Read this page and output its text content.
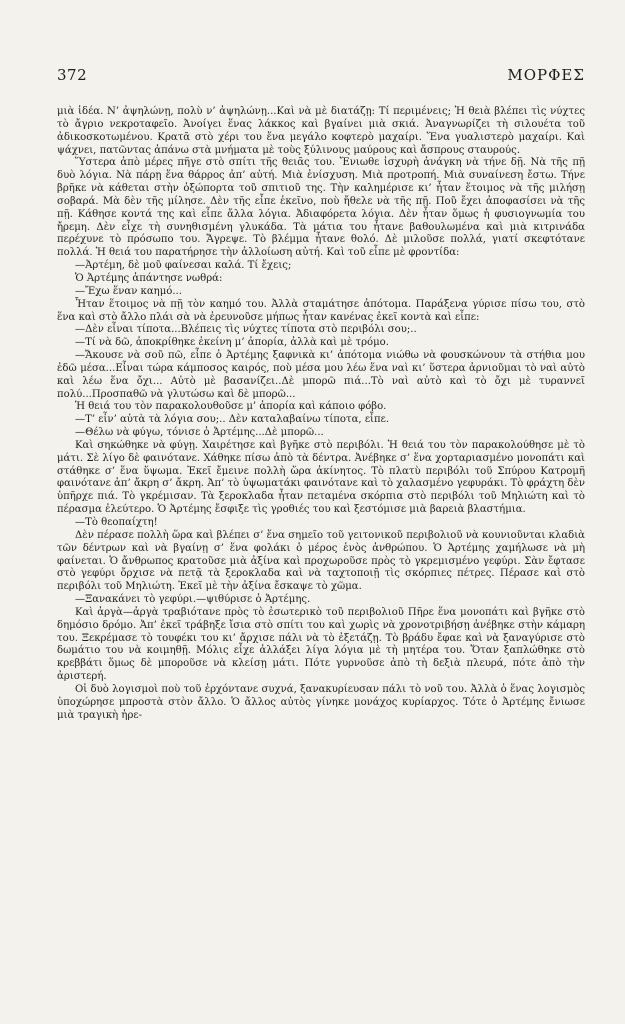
372	ΜΟΡΦΕΣ

μιὰ ἰδέα. Ν’ ἀψηλώνῃ, πολὺ ν’ ἀψηλώνῃ...Καὶ νὰ μὲ διατάζῃ: Τί περιμένεις; Ἡ θειὰ βλέπει τὶς νύχτες τὸ ἄγριο νεκροταφεῖο. Ἀνοίγει ἕνας λάκκος καὶ βγαίνει μιὰ σκιά. Ἀναγνωρίζει τὴ σιλουέτα τοῦ ἀδικοσκοτωμένου. Κρατᾶ στὸ χέρι του ἕνα μεγάλο κοφτερὸ μαχαίρι. Ἕνα γυαλιστερὸ μαχαίρι. Καὶ ψάχνει, πατῶντας ἀπάνω στὰ μνήματα μὲ τοὺς ξύλινους μαύρους καὶ ἄσπρους σταυρούς.

Ὕστερα ἀπὸ μέρες πῆγε στὸ σπίτι τῆς θειᾶς του. Ἔνιωθε ἰσχυρὴ ἀνάγκη νὰ τήνε δῇ. Νὰ τῆς πῇ δυὸ λόγια. Νὰ πάρῃ ἕνα θάρρος ἀπ’ αὐτή. Μιὰ ἐνίσχυση. Μιὰ προτροπή. Μιὰ συναίνεση ἔστω. Τήνε βρῆκε νὰ κάθεται στὴν ὀξώπορτα τοῦ σπιτιοῦ της. Τὴν καλημέρισε κι’ ἦταν ἕτοιμος νὰ τῆς μιλήσῃ σοβαρά. Μὰ δὲν τῆς μίλησε. Δὲν τῆς εἶπε ἐκεῖνο, ποὺ ἤθελε νὰ τῆς πῇ. Ποῦ ἔχει ἀποφασίσει νὰ τῆς πῇ. Κάθησε κοντά της καὶ εἶπε ἄλλα λόγια. Ἀδιαφόρετα λόγια. Δὲν ἦταν ὅμως ἡ φυσιογνωμία του ἤρεμη. Δὲν εἶχε τὴ συνηθισμένη γλυκάδα. Τὰ μάτια του ἦτανε βαθουλωμένα καὶ μιὰ κιτρινάδα περέχυνε τὸ πρόσωπο του. Ἄγρεψε. Τὸ βλέμμα ἦτανε θολό. Δὲ μιλοῦσε πολλά, γιατί σκεφτότανε πολλά. Ἡ θειά του παρατήρησε τὴν ἀλλοίωση αὐτή. Καὶ τοῦ εἶπε μὲ φροντίδα:

—Ἀρτέμη, δὲ μοῦ φαίνεσαι καλά. Τί ἔχεις;

Ὁ Ἀρτέμης ἀπάντησε νωθρά:

—Ἔχω ἕναν καημό...

Ἦταν ἕτοιμος νὰ πῇ τὸν καημό του. Ἀλλὰ σταμάτησε ἀπότομα. Παράξενα γύρισε πίσω του, στὸ ἕνα καὶ στὸ ἄλλο πλάι σὰ νὰ ἐρευνοῦσε μήπως ἦταν κανένας ἐκεῖ κοντὰ καὶ εἶπε:

—Δὲν εἶναι τίποτα...Βλέπεις τὶς νύχτες τίποτα στὸ περιβόλι σου;..

—Τί νὰ δῶ, ἀποκρίθηκε ἐκείνη μ’ ἀπορία, ἀλλὰ καὶ μὲ τρόμο.

—Ἄκουσε νὰ σοῦ πῶ, εἶπε ὁ Ἀρτέμης ξαφνικὰ κι’ ἀπότομα νιώθω νὰ φουσκώνουν τὰ στήθια μου ἐδῶ μέσα...Εἶναι τώρα κάμποσος καιρός, ποὺ μέσα μου λέω ἕνα ναὶ κι’ ὕστερα ἀρνιοῦμαι τὸ ναὶ αὐτὸ καὶ λέω ἕνα ὄχι... Αὐτὸ μὲ βασανίζει..Δὲ μπορῶ πιά...Τὸ ναὶ αὐτὸ καὶ τὸ ὄχι μὲ τυραννεῖ πολύ...Προσπαθῶ νὰ γλυτώσω καὶ δὲ μπορῶ...

Ἡ θειά του τὸν παρακολουθοῦσε μ’ ἀπορία καὶ κάποιο φόβο.

—Τ’ εἶν’ αὐτὰ τὰ λόγια σου;.. Δὲν καταλαβαίνω τίποτα, εἶπε.

—Θέλω νὰ φύγω, τόνισε ὁ Ἀρτέμης...Δὲ μπορῶ...

Καὶ σηκώθηκε νὰ φύγῃ. Χαιρέτησε καὶ βγῆκε στὸ περιβόλι. Ἡ θειά του τὸν παρακολούθησε μὲ τὸ μάτι. Σὲ λίγο δὲ φαινότανε. Χάθηκε πίσω ἀπὸ τὰ δέντρα. Ἀνέβηκε σ’ ἕνα χορταριασμένο μονοπάτι καὶ στάθηκε σ’ ἕνα ὕψωμα. Ἐκεῖ ἔμεινε πολλὴ ὥρα ἀκίνητος. Τὸ πλατὺ περιβόλι τοῦ Σπύρου Κατρομῆ φαινότανε ἀπ’ ἄκρη σ’ ἄκρη. Ἀπ’ τὸ ὑψωματάκι φαινότανε καὶ τὸ χαλασμένο γεφυράκι. Τὸ φράχτη δὲν ὑπῆρχε πιά. Τὸ γκρέμισαν. Τὰ ξεροκλαδα ἦταν πεταμένα σκόρπια στὸ περιβόλι τοῦ Μηλιώτη καὶ τὸ πέρασμα ἐλεύτερο. Ὁ Ἀρτέμης ἔσφιξε τὶς γροθιές του καὶ ξεστόμισε μιὰ βαρειὰ βλαστήμια.

—Τὸ θεοπαίχτη!

Δὲν πέρασε πολλὴ ὥρα καὶ βλέπει σ’ ἕνα σημεῖο τοῦ γειτονικοῦ περιβολιοῦ νὰ κουνιοῦνται κλαδιὰ τῶν δέντρων καὶ νὰ βγαίνῃ σ’ ἕνα φολάκι ὁ μέρος ἑνὸς ἀνθρώπου. Ὁ Ἀρτέμης χαμήλωσε νὰ μὴ φαίνεται. Ὁ ἄνθρωπος κρατοῦσε μιὰ ἀξίνα καὶ προχωροῦσε πρὸς τὸ γκρεμισμένο γεφύρι. Σὰν ἔφτασε στὸ γεφύρι ὄρχισε νὰ πετᾷ τὰ ξεροκλαδα καὶ νὰ ταχτοποιῇ τὶς σκόρπιες πέτρες. Πέρασε καὶ στὸ περιβόλι τοῦ Μηλιώτη. Ἐκεῖ μὲ τὴν ἀξίνα ἔσκαψε τὸ χῶμα.

—Ξανακάνει τὸ γεφύρι.—ψιθύρισε ὁ Ἀρτέμης.

Καὶ ἀργὰ—ἀργὰ τραβιότανε πρὸς τὸ ἐσωτερικὸ τοῦ περιβολιοῦ Πῆρε ἕνα μονοπάτι καὶ βγῆκε στὸ δημόσιο δρόμο. Ἀπ’ ἐκεῖ τράβηξε ἴσια στὸ σπίτι του καὶ χωρὶς νὰ χρονοτριβήσῃ ἀνέβηκε στὴν κάμαρη του. Ξεκρέμασε τὸ τουφέκι του κι’ ἄρχισε πάλι νὰ τὸ ἐξετάζῃ. Τὸ βράδυ ἔφαε καὶ νὰ ξαναγύρισε στὸ δωμάτιο του νὰ κοιμηθῇ. Μόλις εἶχε ἀλλάξει λίγα λόγια μὲ τὴ μητέρα του. Ὅταν ξαπλώθηκε στὸ κρεββάτι ὅμως δὲ μποροῦσε νὰ κλείσῃ μάτι. Πότε γυρνοῦσε ἀπὸ τὴ δεξιὰ πλευρά, πότε ἀπὸ τὴν ἀριστερή.

Οἱ δυὸ λογισμοὶ ποὺ τοῦ ἐρχόντανε συχνά, ξανακυρίευσαν πάλι τὸ νοῦ του. Ἀλλὰ ὁ ἕνας λογισμὸς ὑποχώρησε μπροστὰ στὸν ἄλλο. Ὁ ἄλλος αὐτὸς γίνηκε μονάχος κυρίαρχος. Τότε ὁ Ἀρτέμης ἔνιωσε μιὰ τραγικὴ ἠρε-
